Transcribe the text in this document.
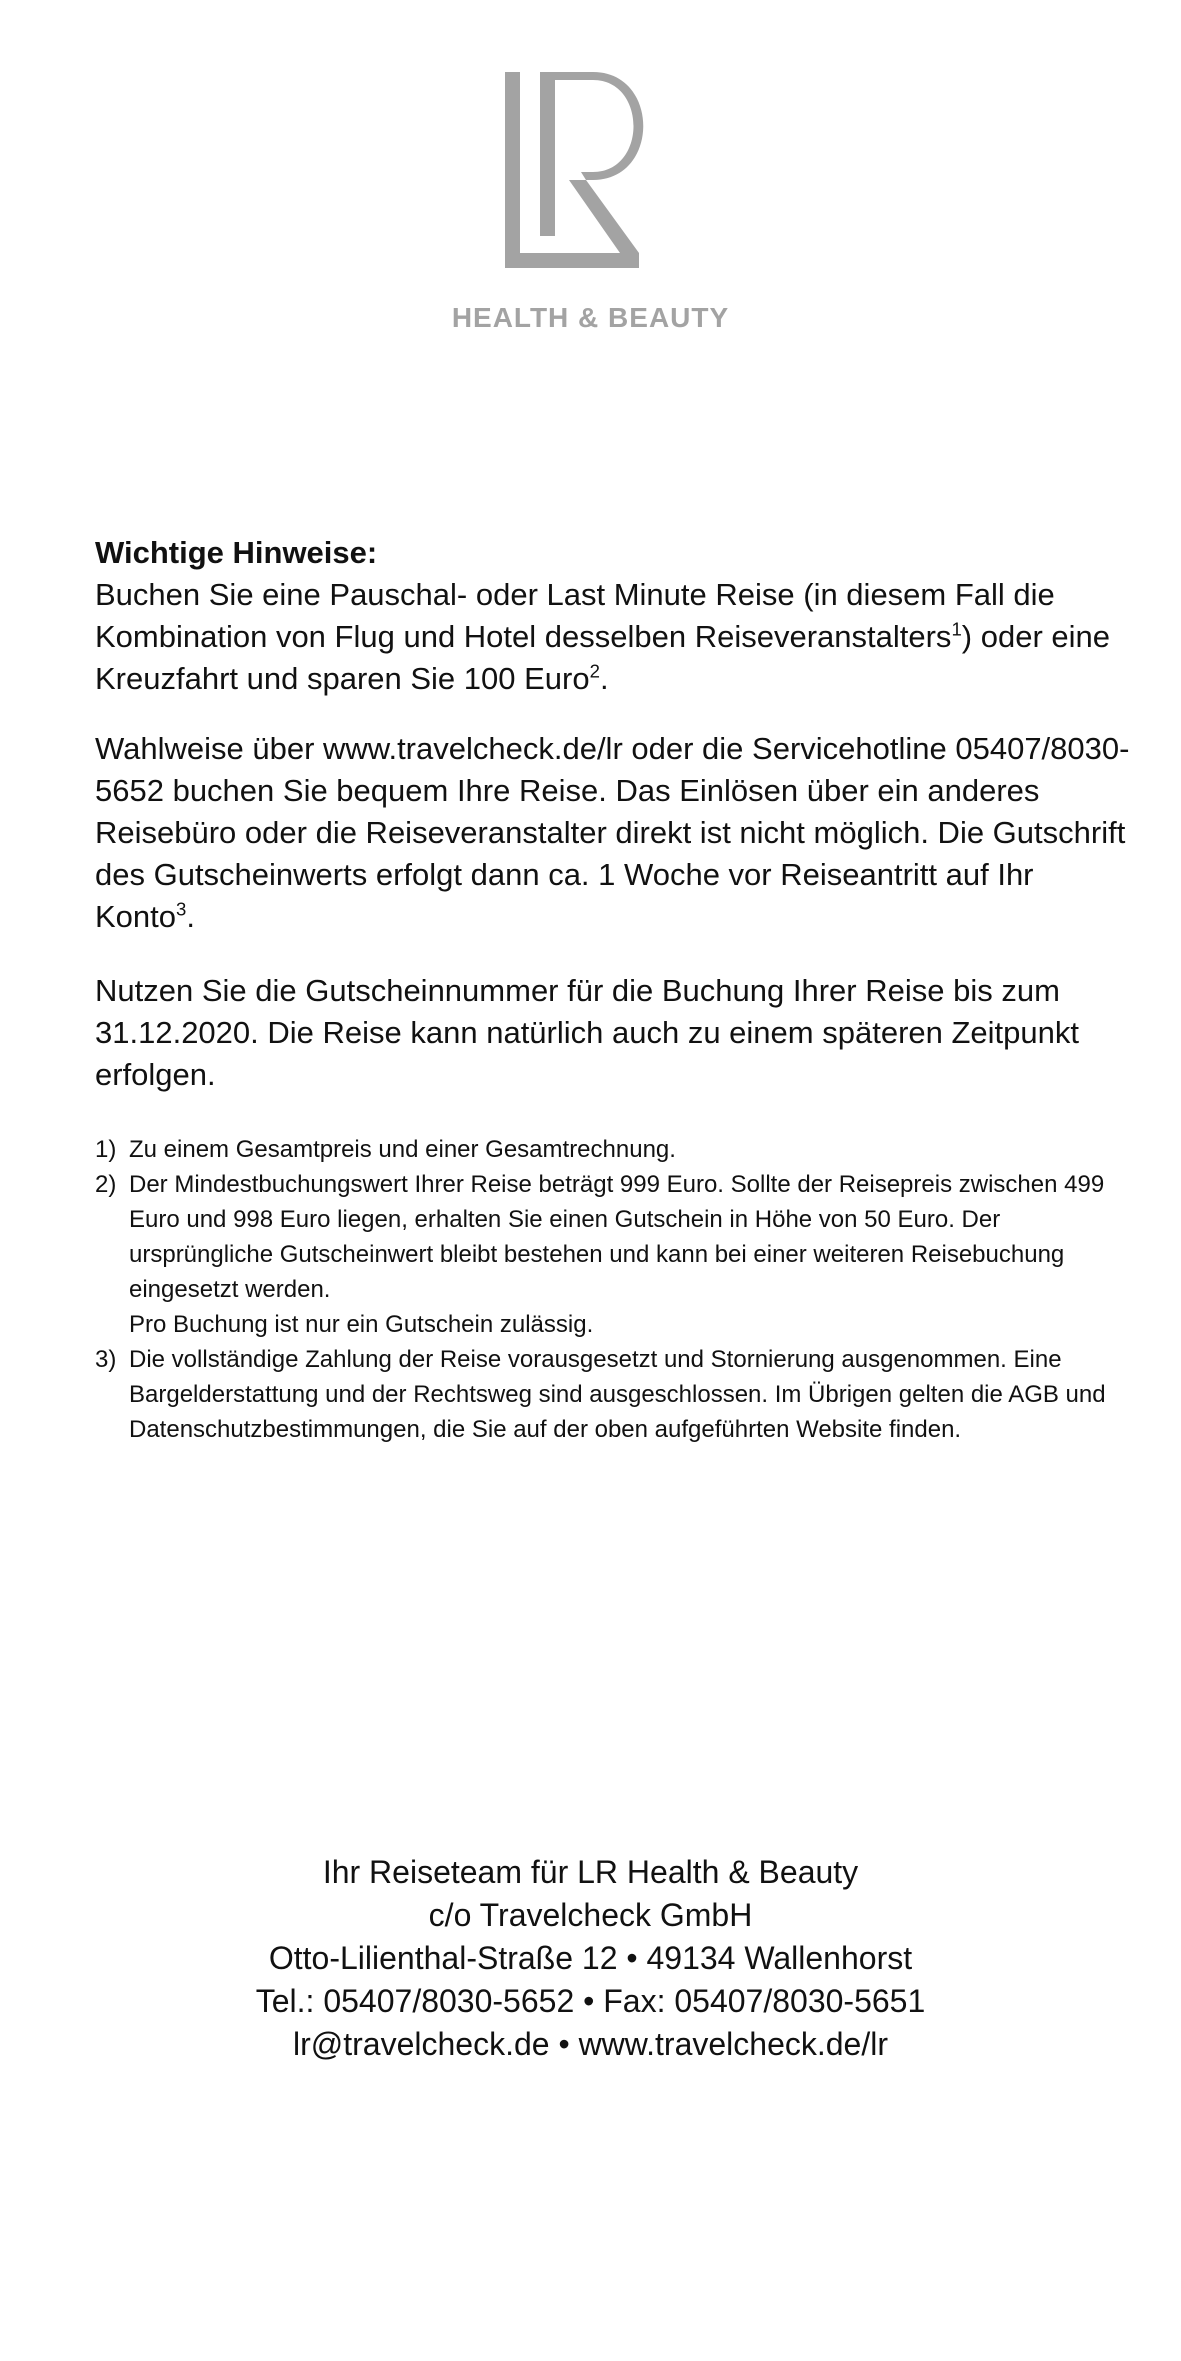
HEALTH & BEAUTY

Wichtige Hinweise:

Buchen Sie eine Pauschal- oder Last Minute Reise (in diesem Fall die Kombination von Flug und Hotel desselben Reiseveranstalters$^1$) oder eine Kreuzfahrt und sparen Sie 100 Euro$^2$.

Wahlweise über www.travelcheck.de/lr oder die Servicehotline 05407/8030-5652 buchen Sie bequem Ihre Reise. Das Einlösen über ein anderes Reisebüro oder die Reiseveranstalter direkt ist nicht möglich. Die Gutschrift des Gutscheinwerts erfolgt dann ca. 1 Woche vor Reiseantritt auf Ihr Konto$^3$.

Nutzen Sie die Gutscheinnummer für die Buchung Ihrer Reise bis zum 31.12.2020. Die Reise kann natürlich auch zu einem späteren Zeitpunkt erfolgen.

1) Zu einem Gesamtpreis und einer Gesamtrechnung.
2) Der Mindestbuchungswert Ihrer Reise beträgt 999 Euro. Sollte der Reisepreis zwischen 499 Euro und 998 Euro liegen, erhalten Sie einen Gutschein in Höhe von 50 Euro. Der ursprüngliche Gutscheinwert bleibt bestehen und kann bei einer weiteren Reisebuchung eingesetzt werden.
Pro Buchung ist nur ein Gutschein zulässig.
3) Die vollständige Zahlung der Reise vorausgesetzt und Stornierung ausgenommen. Eine Bargelderstattung und der Rechtsweg sind ausgeschlossen. Im Übrigen gelten die AGB und Datenschutzbestimmungen, die Sie auf der oben aufgeführten Website finden.
Ihr Reiseteam für LR Health & Beauty
c/o Travelcheck GmbH
Otto-Lilienthal-Straße 12 • 49134 Wallenhorst
Tel.: 05407/8030-5652 • Fax: 05407/8030-5651
lr@travelcheck.de • www.travelcheck.de/lr
